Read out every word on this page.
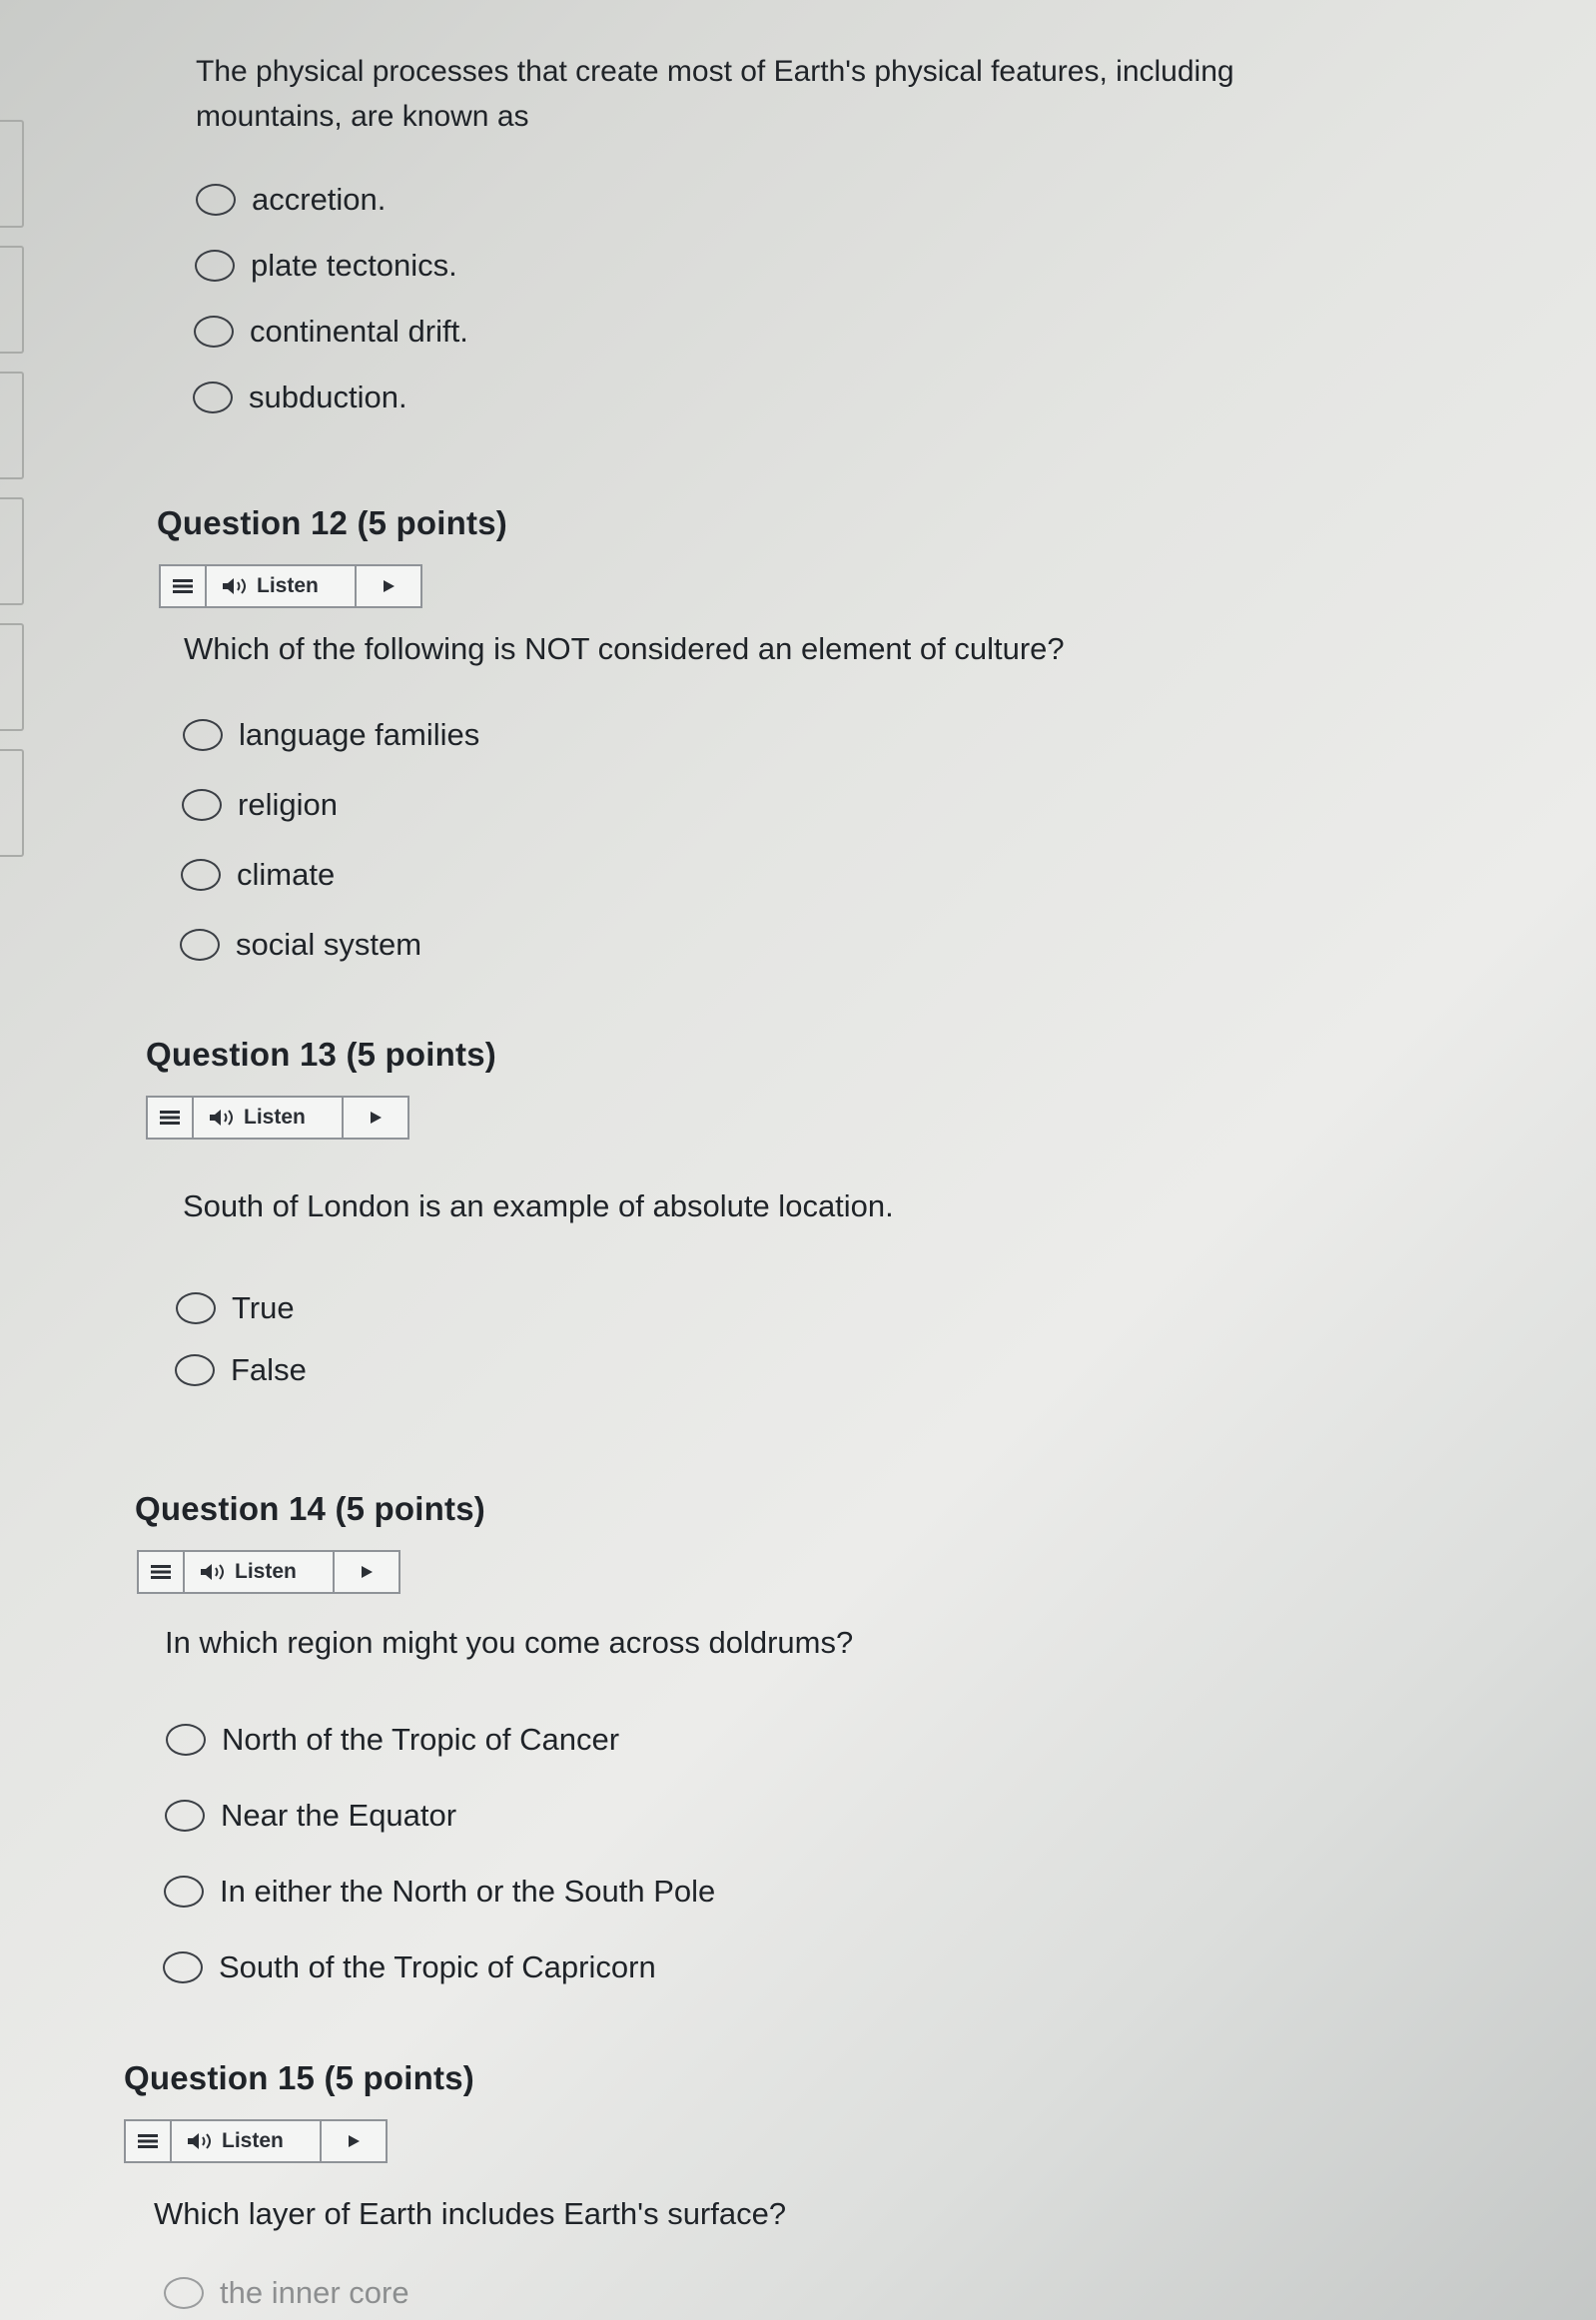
The physical processes that create most of Earth's physical features, including

mountains, are known as

accretion.
plate tectonics.
continental drift.
subduction.
Question 12 (5 points)
Listen

Which of the following is NOT considered an element of culture?

language families
religion
climate
social system
Question 13 (5 points)
Listen

South of London is an example of absolute location.

True
False
Question 14 (5 points)
Listen

In which region might you come across doldrums?

North of the Tropic of Cancer
Near the Equator
In either the North or the South Pole
South of the Tropic of Capricorn
Question 15 (5 points)
Listen

Which layer of Earth includes Earth's surface?

the inner core
